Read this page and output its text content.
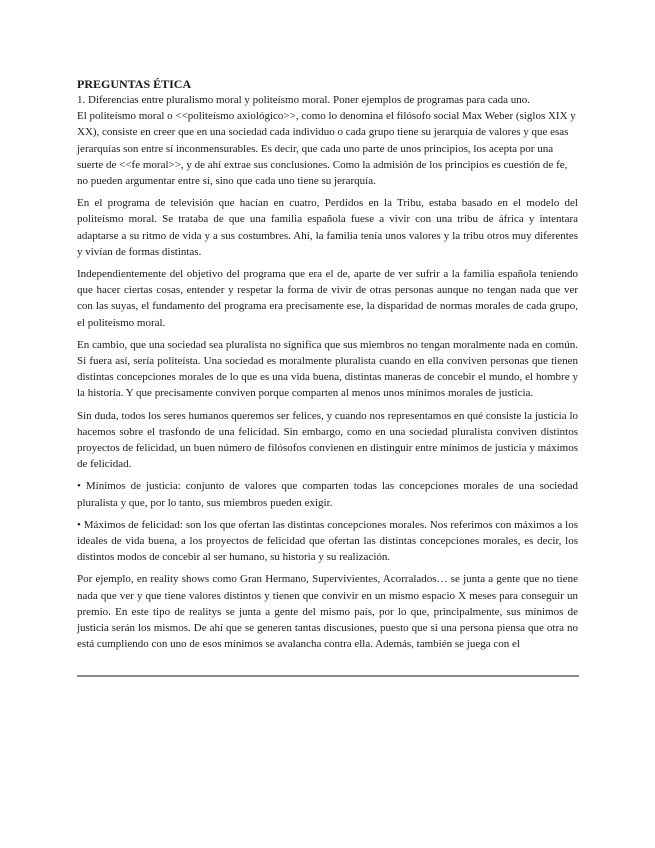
PREGUNTAS ÉTICA

1. Diferencias entre pluralismo moral y politeísmo moral. Poner ejemplos de programas para cada uno.

El politeísmo moral o <<politeísmo axiológico>>, como lo denomina el filósofo social Max Weber (siglos XIX y XX), consiste en creer que en una sociedad cada individuo o cada grupo tiene su jerarquía de valores y que esas jerarquías son entre sí inconmensurables. Es decir, que cada uno parte de unos principios, los acepta por una suerte de <<fe moral>>, y de ahí extrae sus conclusiones. Como la admisión de los principios es cuestión de fe, no pueden argumentar entre sí, sino que cada uno tiene su jerarquía.

En el programa de televisión que hacían en cuatro, Perdidos en la Tribu, estaba basado en el modelo del politeísmo moral. Se trataba de que una familia española fuese a vivir con una tribu de áfrica y intentara adaptarse a su ritmo de vida y a sus costumbres. Ahí, la familia tenía unos valores y la tribu otros muy diferentes y vivían de formas distintas.

Independientemente del objetivo del programa que era el de, aparte de ver sufrir a la familia española teniendo que hacer ciertas cosas, entender y respetar la forma de vivir de otras personas aunque no tengan nada que ver con las suyas, el fundamento del programa era precisamente ese, la disparidad de normas morales de cada grupo, el politeísmo moral.

En cambio, que una sociedad sea pluralista no significa que sus miembros no tengan moralmente nada en común. Si fuera así, sería politeísta. Una sociedad es moralmente pluralista cuando en ella conviven personas que tienen distintas concepciones morales de lo que es una vida buena, distintas maneras de concebir el mundo, el hombre y la historia. Y que precisamente conviven porque comparten al menos unos mínimos morales de justicia.

Sin duda, todos los seres humanos queremos ser felices, y cuando nos representamos en qué consiste la justicia lo hacemos sobre el trasfondo de una felicidad. Sin embargo, como en una sociedad pluralista conviven distintos proyectos de felicidad, un buen número de filósofos convienen en distinguir entre mínimos de justicia y máximos de felicidad.

• Mínimos de justicia: conjunto de valores que comparten todas las concepciones morales de una sociedad pluralista y que, por lo tanto, sus miembros pueden exigir.

• Máximos de felicidad: son los que ofertan las distintas concepciones morales. Nos referimos con máximos a los ideales de vida buena, a los proyectos de felicidad que ofertan las distintas concepciones morales, es decir, los distintos modos de concebir al ser humano, su historia y su realización.

Por ejemplo, en reality shows como Gran Hermano, Supervivientes, Acorralados… se junta a gente que no tiene nada que ver y que tiene valores distintos y tienen que convivir en un mismo espacio X meses para conseguir un premio. En este tipo de realitys se junta a gente del mismo país, por lo que, principalmente, sus mínimos de justicia serán los mismos. De ahí que se generen tantas discusiones, puesto que si una persona piensa que otra no está cumpliendo con uno de esos mínimos se avalancha contra ella. Además, también se juega con el
